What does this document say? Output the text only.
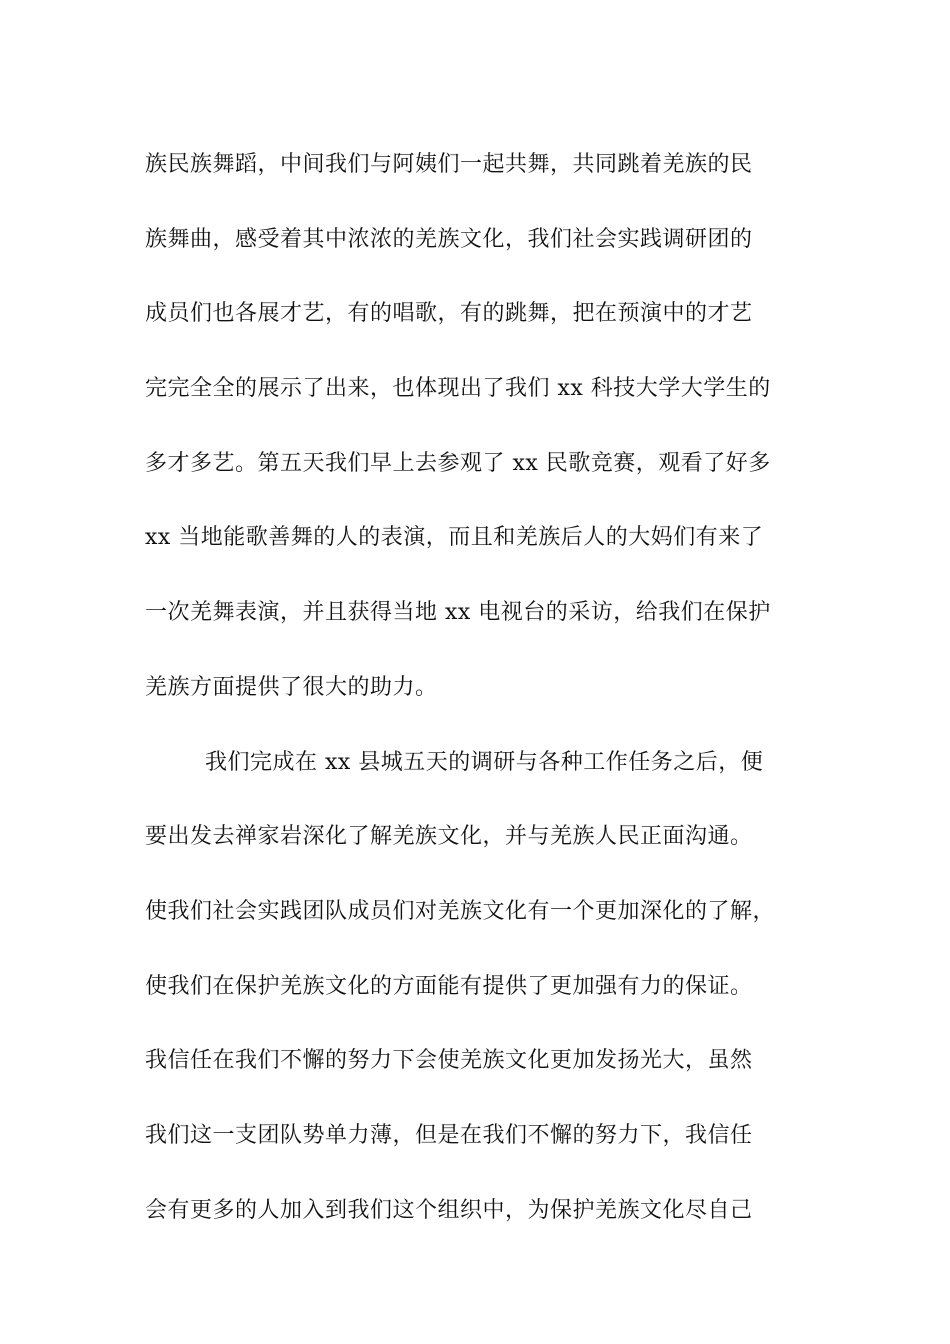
族民族舞蹈，中间我们与阿姨们一起共舞，共同跳着羌族的民
族舞曲，感受着其中浓浓的羌族文化，我们社会实践调研团的
成员们也各展才艺，有的唱歌，有的跳舞，把在预演中的才艺
完完全全的展示了出来，也体现出了我们 xx 科技大学大学生的
多才多艺。第五天我们早上去参观了 xx 民歌竞赛，观看了好多
xx 当地能歌善舞的人的表演，而且和羌族后人的大妈们有来了
一次羌舞表演，并且获得当地 xx 电视台的采访，给我们在保护
羌族方面提供了很大的助力。
我们完成在 xx 县城五天的调研与各种工作任务之后，便
要出发去禅家岩深化了解羌族文化，并与羌族人民正面沟通。
使我们社会实践团队成员们对羌族文化有一个更加深化的了解，
使我们在保护羌族文化的方面能有提供了更加强有力的保证。
我信任在我们不懈的努力下会使羌族文化更加发扬光大，虽然
我们这一支团队势单力薄，但是在我们不懈的努力下，我信任
会有更多的人加入到我们这个组织中，为保护羌族文化尽自己
